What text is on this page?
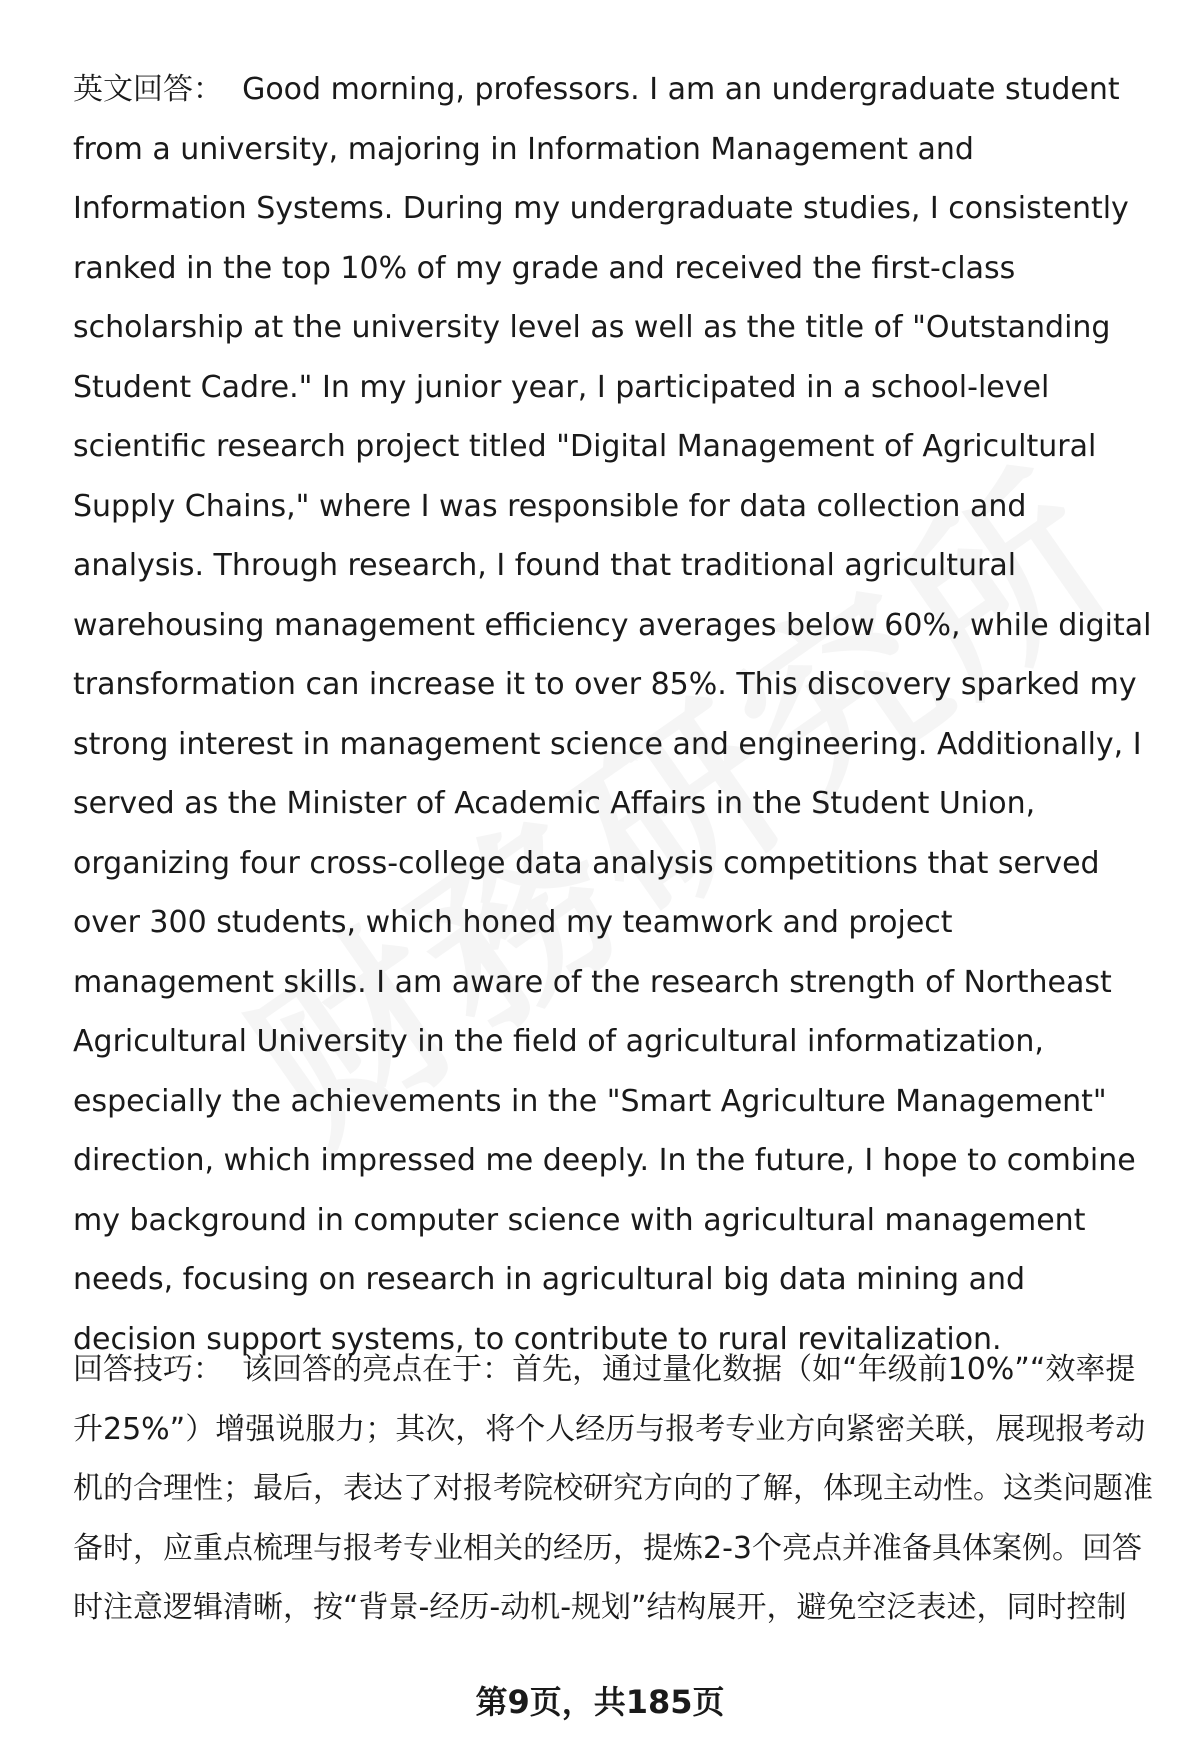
英文回答： Good morning, professors. I am an undergraduate student from a university, majoring in Information Management and Information Systems. During my undergraduate studies, I consistently ranked in the top 10% of my grade and received the first-class scholarship at the university level as well as the title of "Outstanding Student Cadre." In my junior year, I participated in a school-level scientific research project titled "Digital Management of Agricultural Supply Chains," where I was responsible for data collection and analysis. Through research, I found that traditional agricultural warehousing management efficiency averages below 60%, while digital transformation can increase it to over 85%. This discovery sparked my strong interest in management science and engineering. Additionally, I served as the Minister of Academic Affairs in the Student Union, organizing four cross-college data analysis competitions that served over 300 students, which honed my teamwork and project management skills. I am aware of the research strength of Northeast Agricultural University in the field of agricultural informatization, especially the achievements in the "Smart Agriculture Management" direction, which impressed me deeply. In the future, I hope to combine my background in computer science with agricultural management needs, focusing on research in agricultural big data mining and decision support systems, to contribute to rural revitalization.

回答技巧： 该回答的亮点在于：首先，通过量化数据（如“年级前10%”“效率提升25%”）增强说服力；其次，将个人经历与报考专业方向紧密关联，展现报考动机的合理性；最后，表达了对报考院校研究方向的了解，体现主动性。这类问题准备时，应重点梳理与报考专业相关的经历，提炼2-3个亮点并准备具体案例。回答时注意逻辑清晰，按“背景-经历-动机-规划”结构展开，避免空泛表述，同时控制

第9页，共185页
